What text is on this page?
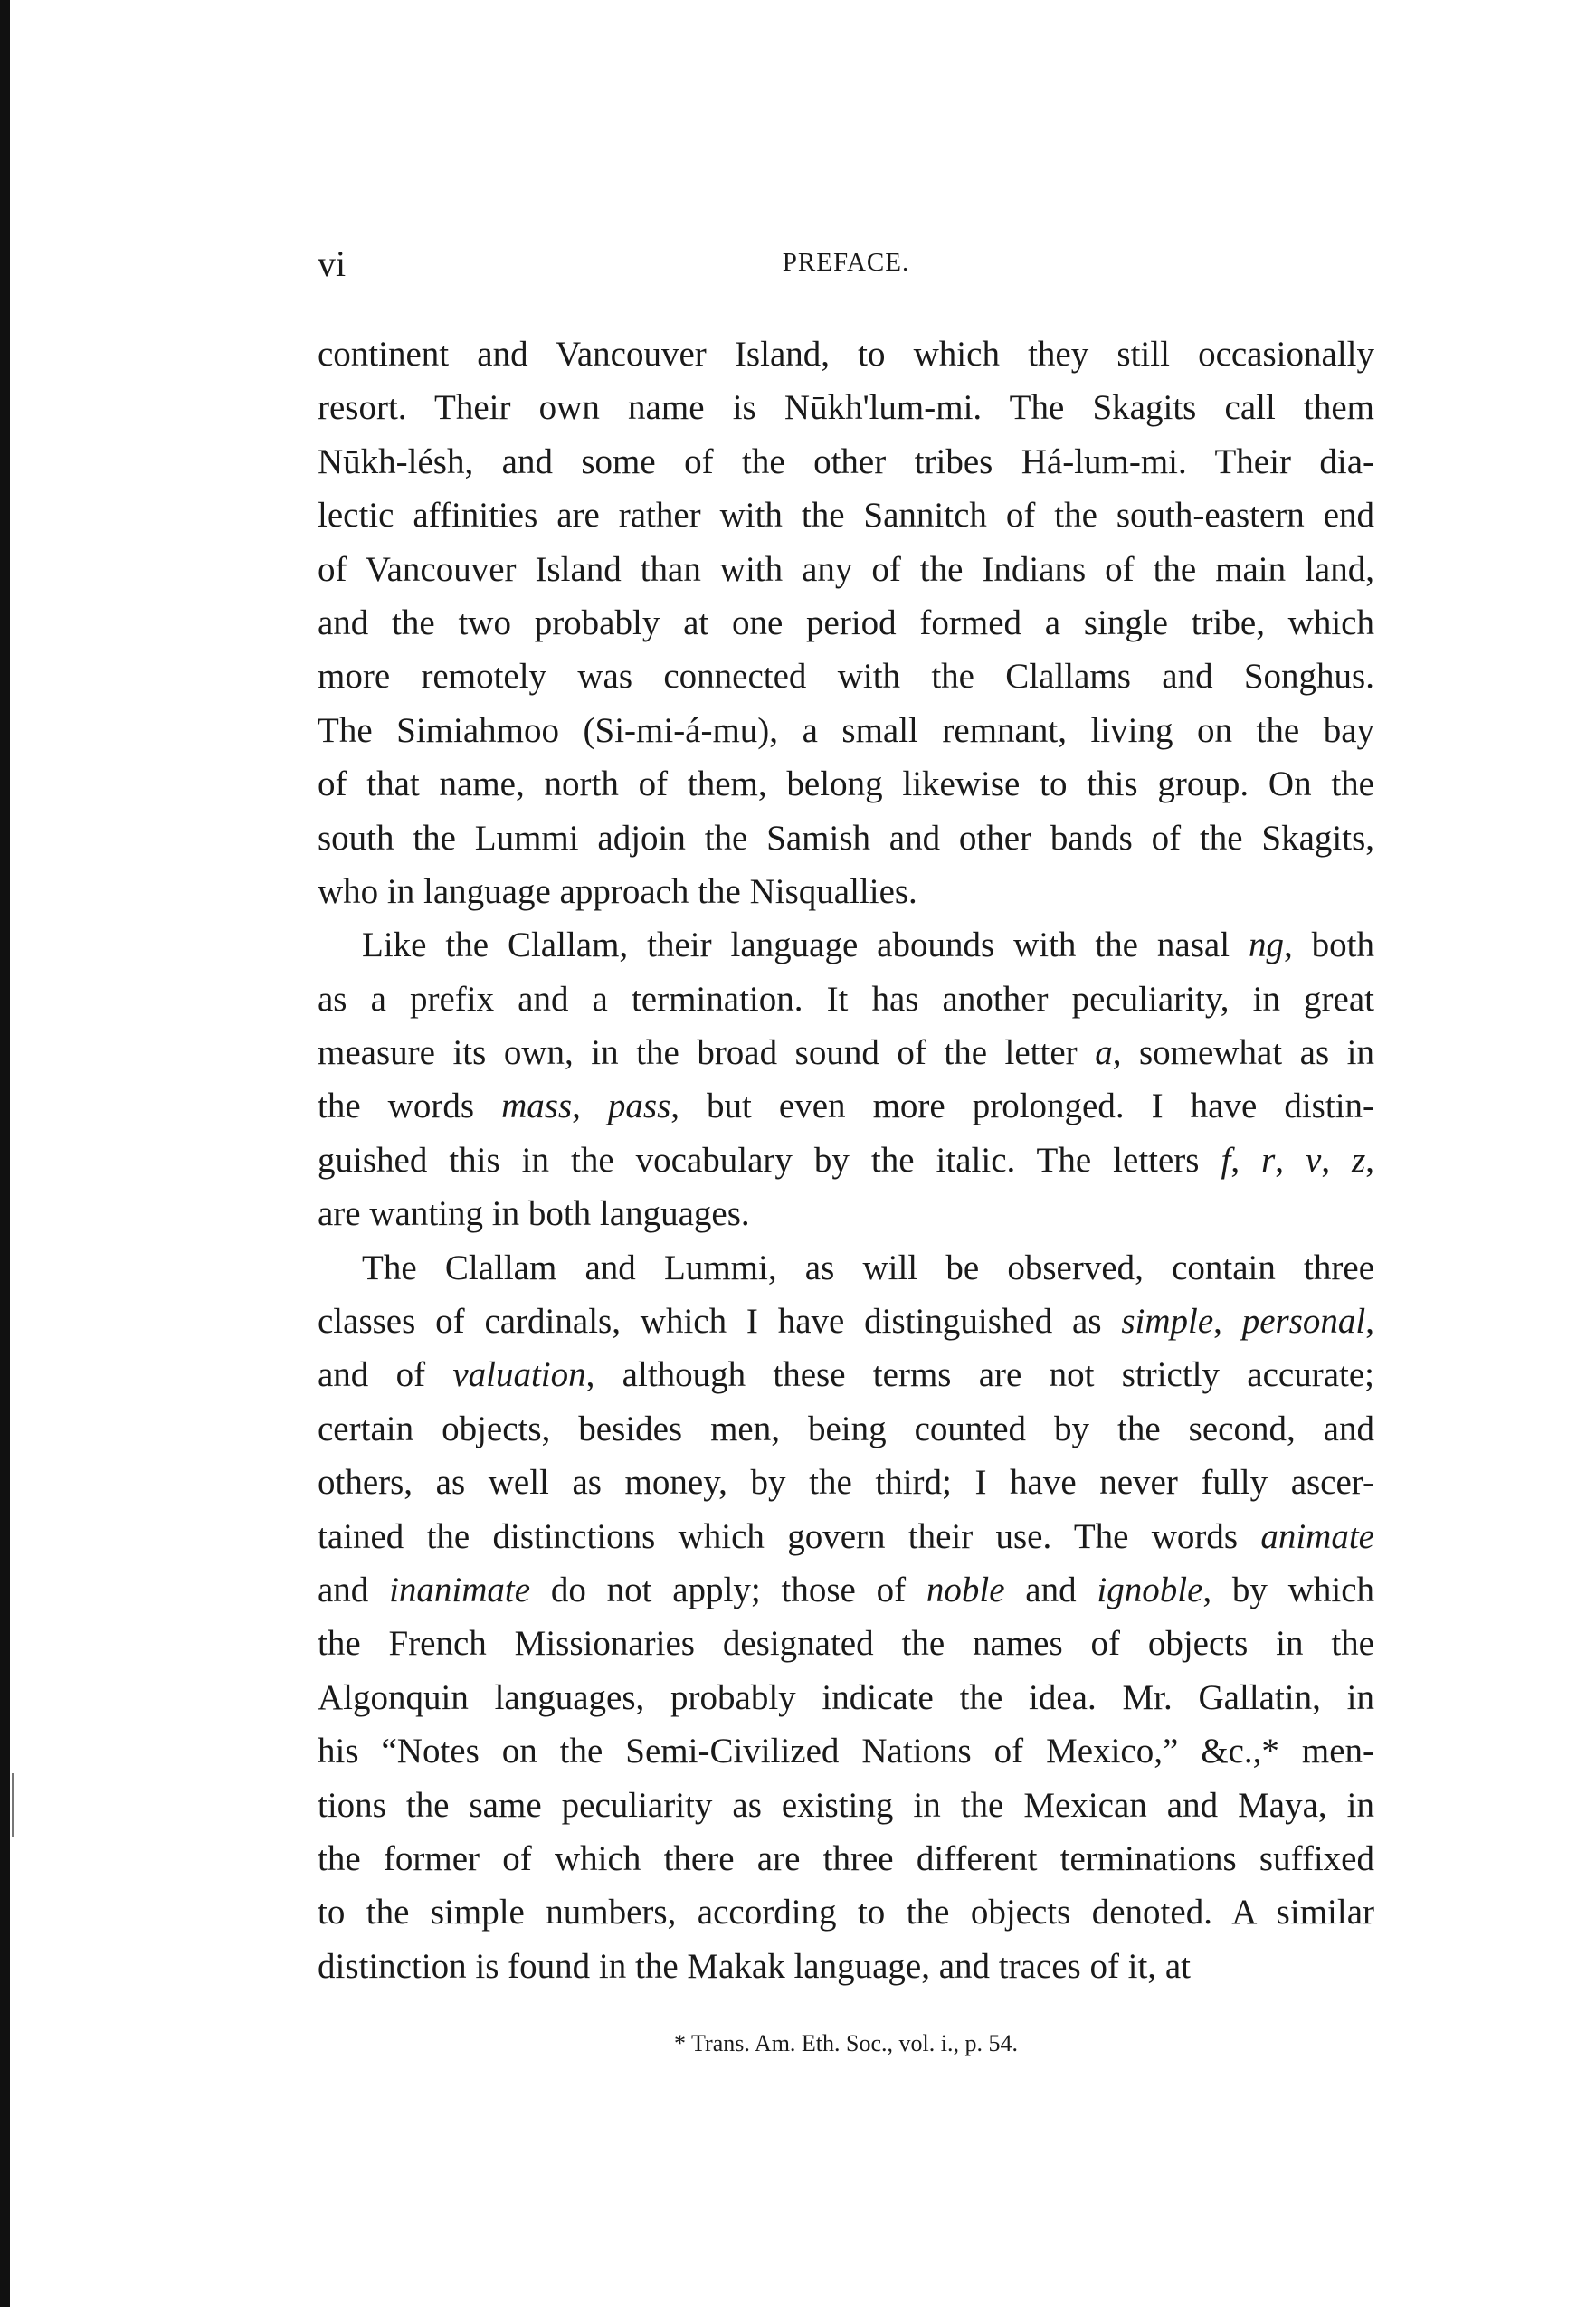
vi	PREFACE.
continent and Vancouver Island, to which they still occasionally
resort. Their own name is Nūkh'lum-mi. The Skagits call them
Nūkh-lésh, and some of the other tribes Há-lum-mi. Their dia-
lectic affinities are rather with the Sannitch of the south-eastern end
of Vancouver Island than with any of the Indians of the main land,
and the two probably at one period formed a single tribe, which
more remotely was connected with the Clallams and Songhus.
The Simiahmoo (Si-mi-á-mu), a small remnant, living on the bay
of that name, north of them, belong likewise to this group. On the
south the Lummi adjoin the Samish and other bands of the Skagits,
who in language approach the Nisquallies.
Like the Clallam, their language abounds with the nasal ng, both
as a prefix and a termination. It has another peculiarity, in great
measure its own, in the broad sound of the letter a, somewhat as in
the words mass, pass, but even more prolonged. I have distin-
guished this in the vocabulary by the italic. The letters f, r, v, z,
are wanting in both languages.
The Clallam and Lummi, as will be observed, contain three
classes of cardinals, which I have distinguished as simple, personal,
and of valuation, although these terms are not strictly accurate;
certain objects, besides men, being counted by the second, and
others, as well as money, by the third; I have never fully ascer-
tained the distinctions which govern their use. The words animate
and inanimate do not apply; those of noble and ignoble, by which
the French Missionaries designated the names of objects in the
Algonquin languages, probably indicate the idea. Mr. Gallatin, in
his “Notes on the Semi-Civilized Nations of Mexico,” &c.,* men-
tions the same peculiarity as existing in the Mexican and Maya, in
the former of which there are three different terminations suffixed
to the simple numbers, according to the objects denoted. A similar
distinction is found in the Makak language, and traces of it, at
* Trans. Am. Eth. Soc., vol. i., p. 54.
